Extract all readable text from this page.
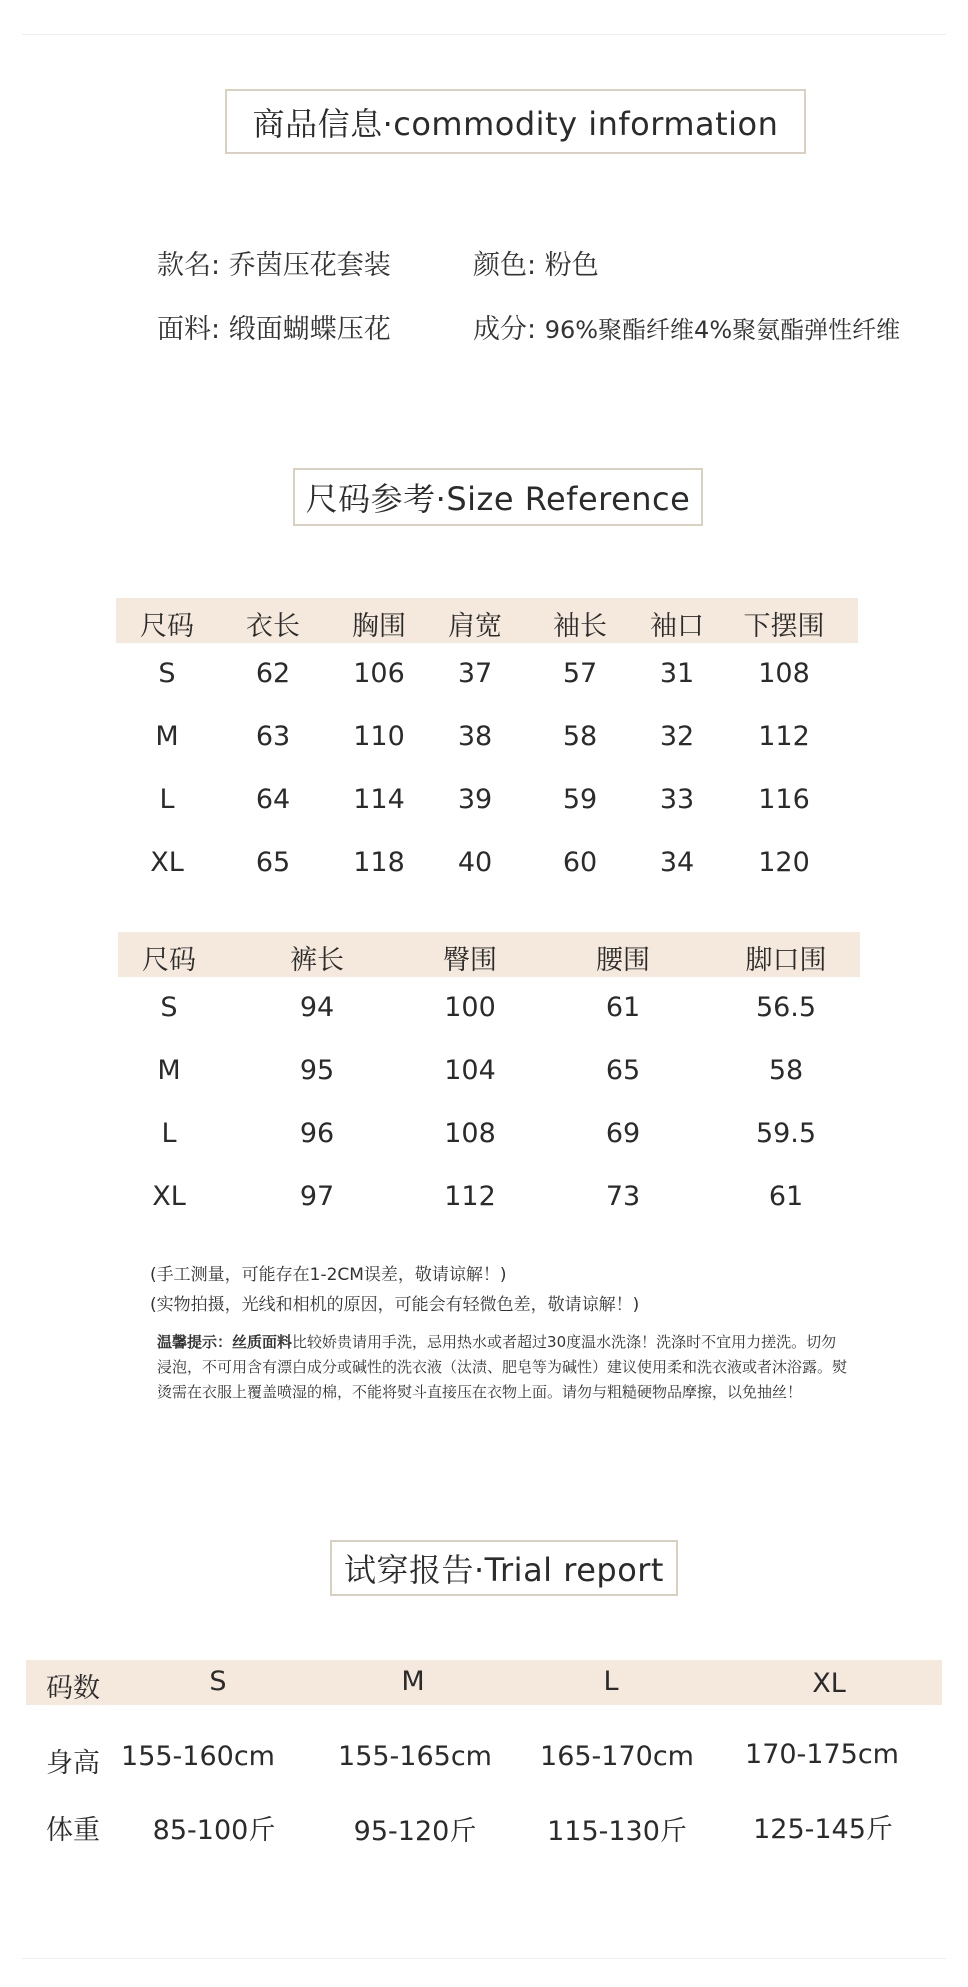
商品信息·commodity information
款名: 乔茵压花套装	颜色: 粉色
面料: 缎面蝴蝶压花	成分: 96%聚酯纤维4%聚氨酯弹性纤维
尺码参考·Size Reference
尺码 衣长 胸围 肩宽 袖长 袖口 下摆围
S	62 106 37	57 31 108
M	63 110 38	58 32 112
L	64 114 39	59 33 116
XL	65 118 40	60 34 120
尺码	裤长	臀围	腰围	脚口围
S	94	100	61	56.5
M	95	104	65	58
L	96	108	69	59.5
XL	97	112	73	61
(手工测量，可能存在1-2CM误差，敬请谅解！)
(实物拍摄，光线和相机的原因，可能会有轻微色差，敬请谅解！)
温馨提示：丝质面料比较娇贵请用手洗，忌用热水或者超过30度温水洗涤！洗涤时不宜用力搓洗。切勿浸泡，不可用含有漂白成分或碱性的洗衣液（汰渍、肥皂等为碱性）建议使用柔和洗衣液或者沐浴露。熨烫需在衣服上覆盖喷湿的棉，不能将熨斗直接压在衣物上面。请勿与粗糙硬物品摩擦，以免抽丝！
试穿报告·Trial report
码数	S	M	L	XL
身高 155-160cm 155-165cm 165-170cm 170-175cm
体重 85-100斤	95-120斤	115-130斤 125-145斤
